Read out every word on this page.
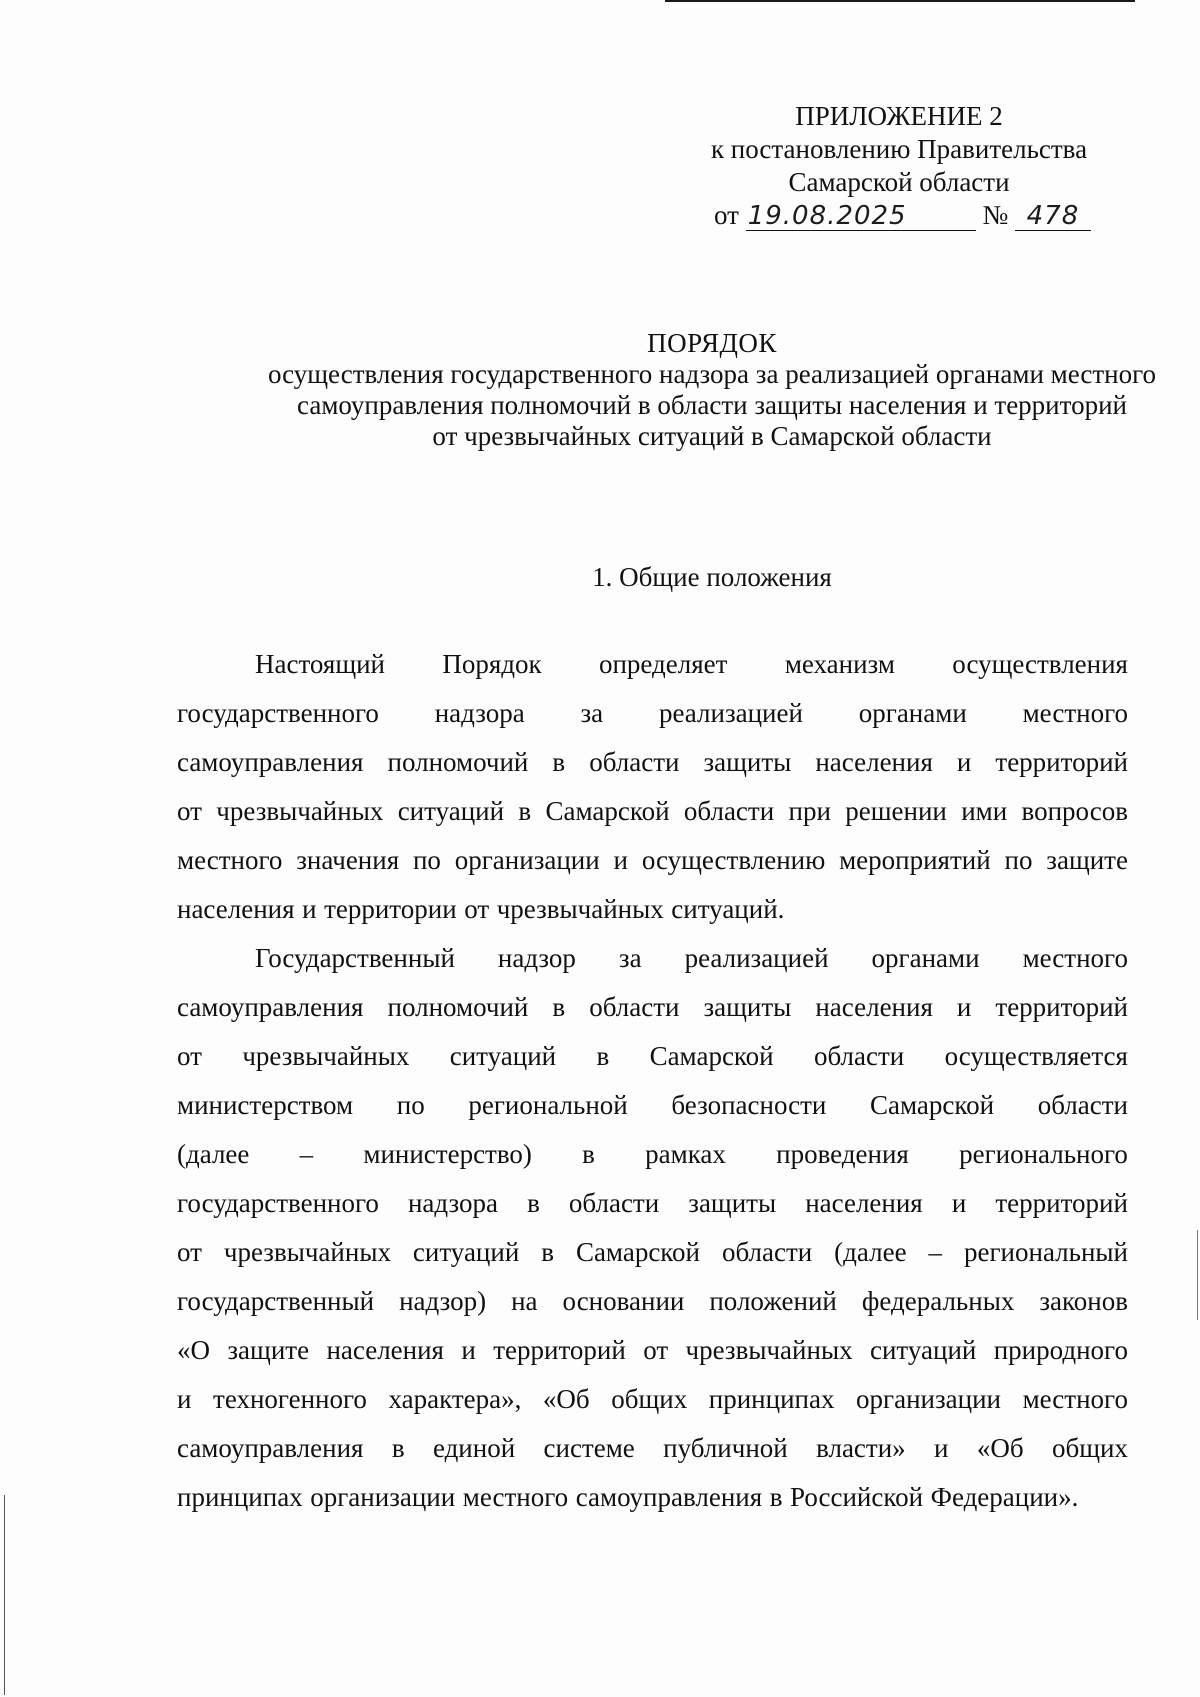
ПРИЛОЖЕНИЕ 2
к постановлению Правительства
Самарской области
от 19.08.2025	№ 478
ПОРЯДОК
осуществления государственного надзора за реализацией органами местного
самоуправления полномочий в области защиты населения и территорий
от чрезвычайных ситуаций в Самарской области
1. Общие положения
Настоящий Порядок определяет механизм осуществления
государственного надзора за реализацией органами местного
самоуправления полномочий в области защиты населения и территорий
от чрезвычайных ситуаций в Самарской области при решении ими вопросов
местного значения по организации и осуществлению мероприятий по защите
населения и территории от чрезвычайных ситуаций.
Государственный надзор за реализацией органами местного
самоуправления полномочий в области защиты населения и территорий
от чрезвычайных ситуаций в Самарской области осуществляется
министерством по региональной безопасности Самарской области
(далее – министерство) в рамках проведения регионального
государственного надзора в области защиты населения и территорий
от чрезвычайных ситуаций в Самарской области (далее – региональный
государственный надзор) на основании положений федеральных законов
«О защите населения и территорий от чрезвычайных ситуаций природного
и техногенного характера», «Об общих принципах организации местного
самоуправления в единой системе публичной власти» и «Об общих
принципах организации местного самоуправления в Российской Федерации».
